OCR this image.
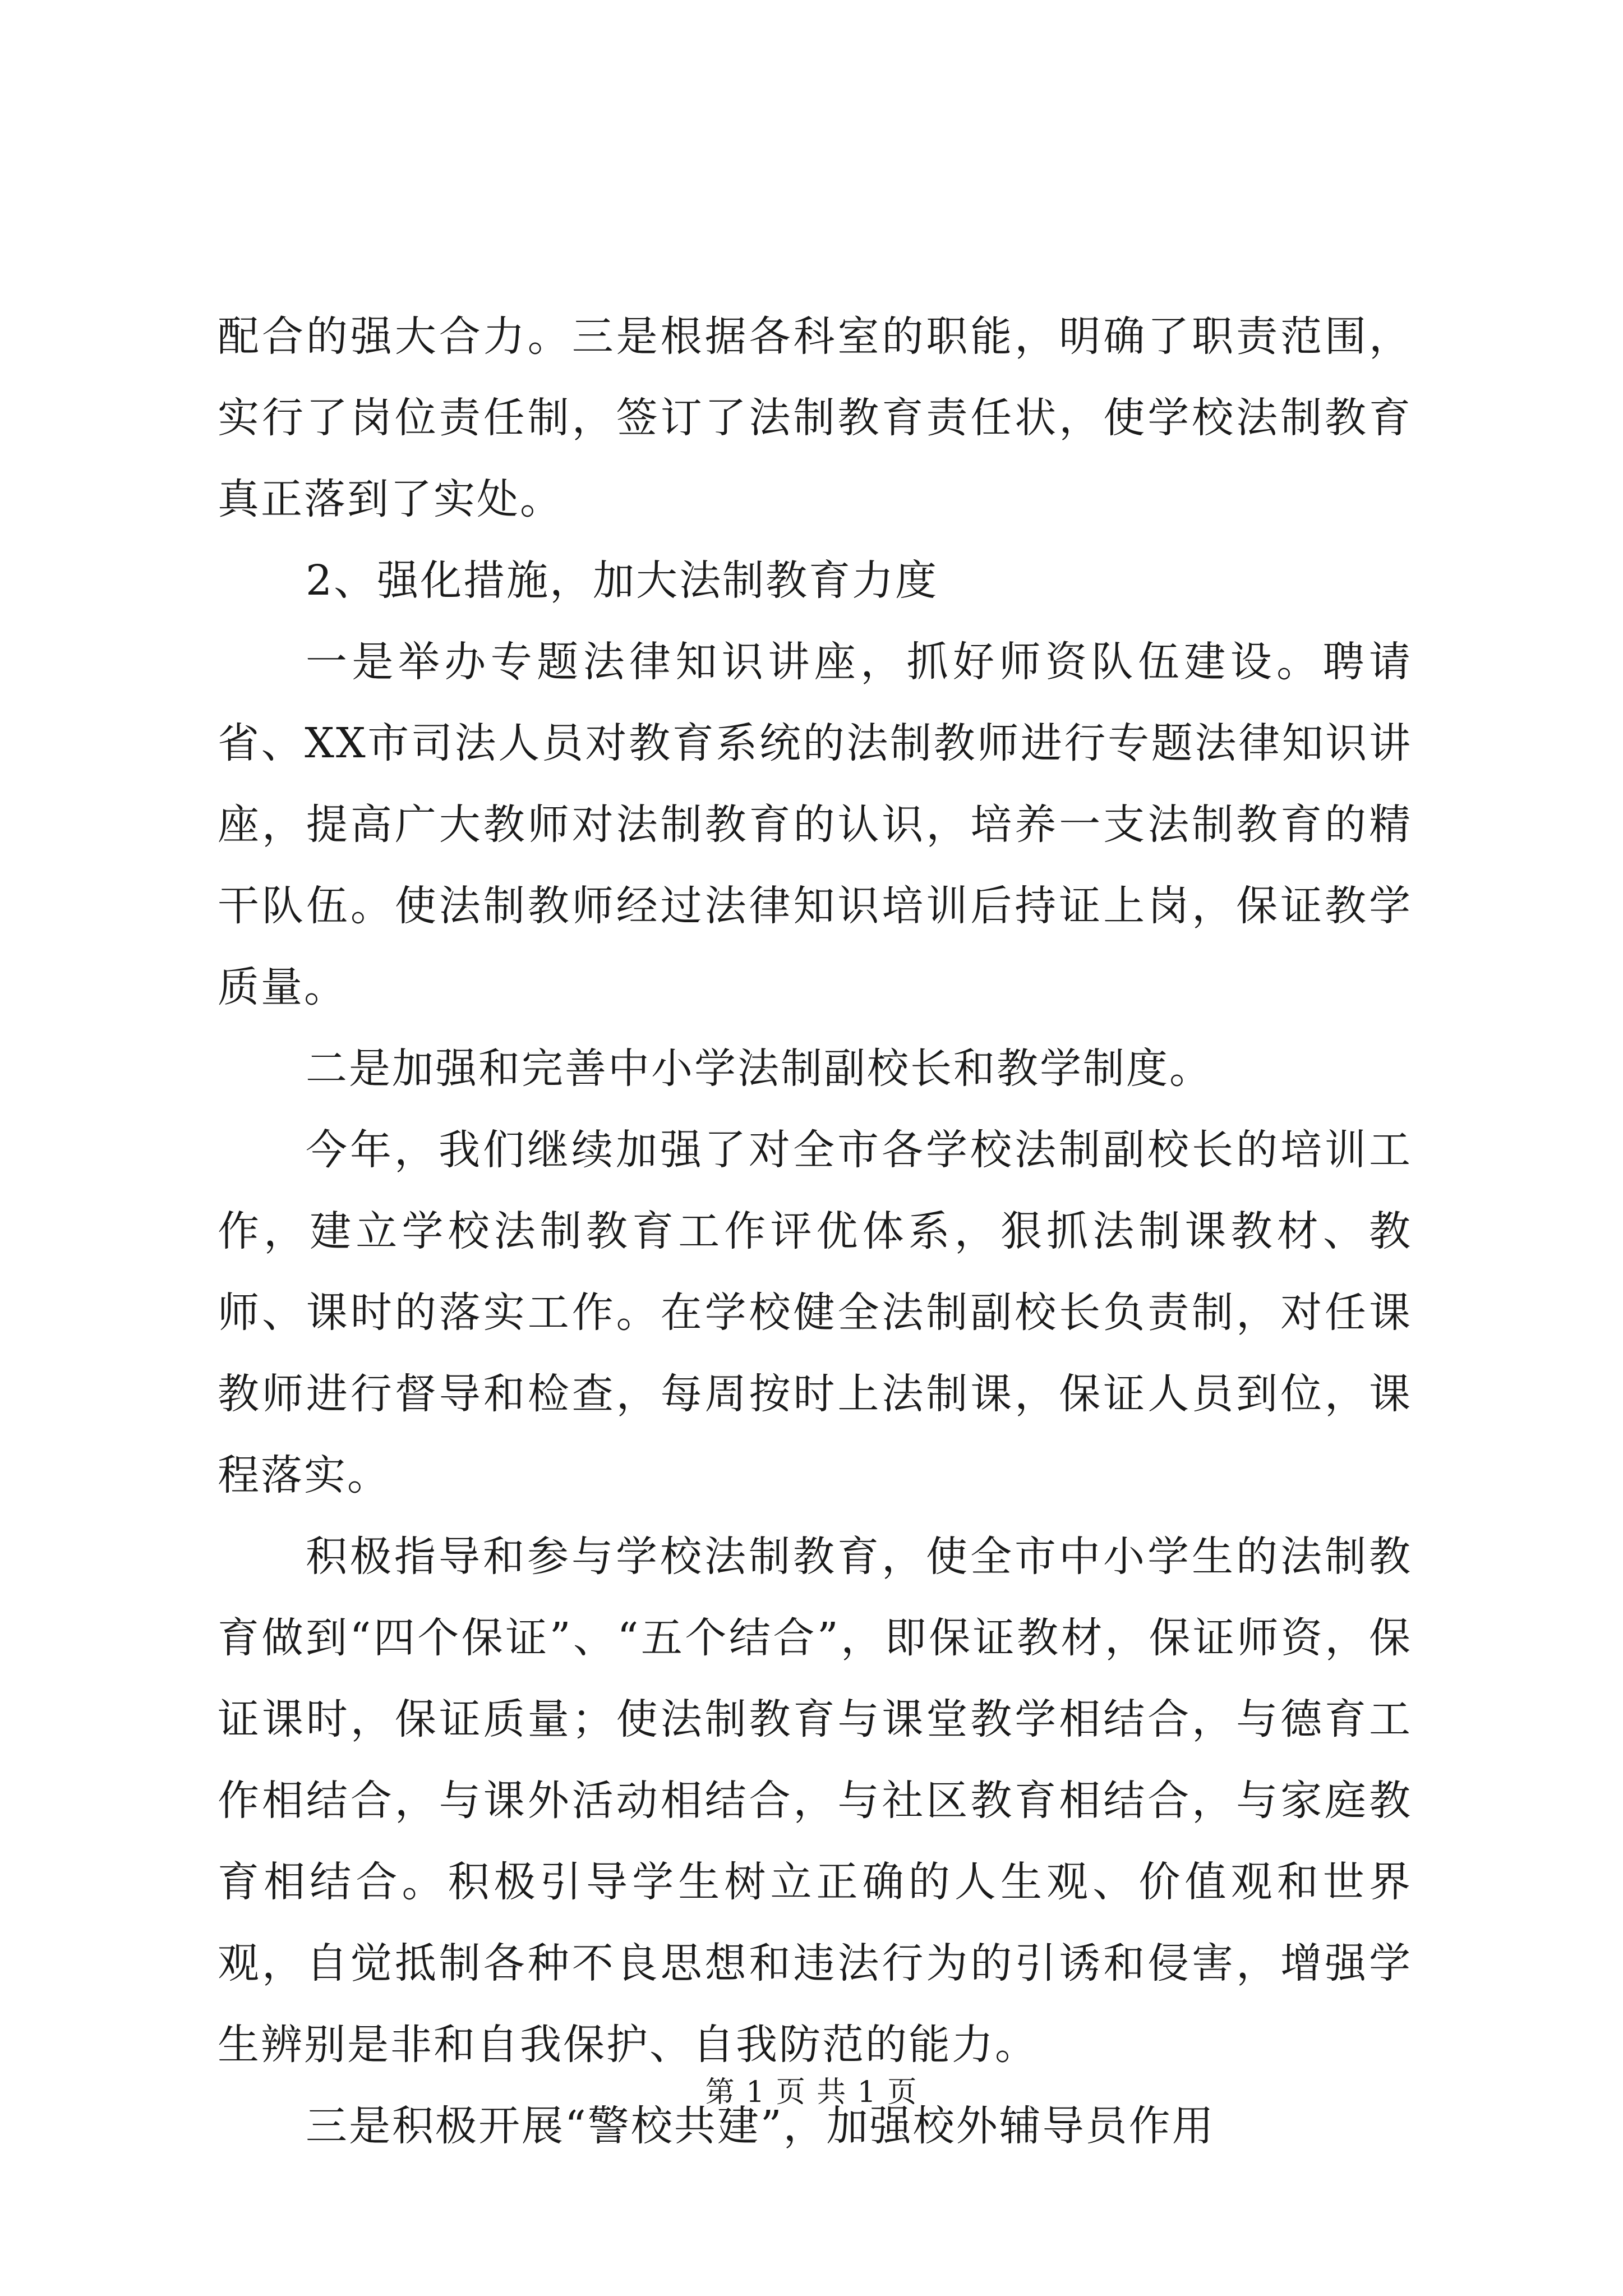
配合的强大合力。三是根据各科室的职能，明确了职责范围，实行了岗位责任制，签订了法制教育责任状，使学校法制教育真正落到了实处。

2、强化措施，加大法制教育力度

一是举办专题法律知识讲座，抓好师资队伍建设。聘请省、XX市司法人员对教育系统的法制教师进行专题法律知识讲座，提高广大教师对法制教育的认识，培养一支法制教育的精干队伍。使法制教师经过法律知识培训后持证上岗，保证教学质量。

二是加强和完善中小学法制副校长和教学制度。

今年，我们继续加强了对全市各学校法制副校长的培训工作，建立学校法制教育工作评优体系，狠抓法制课教材、教师、课时的落实工作。在学校健全法制副校长负责制，对任课教师进行督导和检查，每周按时上法制课，保证人员到位，课程落实。

积极指导和参与学校法制教育，使全市中小学生的法制教育做到“四个保证”、“五个结合”，即保证教材，保证师资，保证课时，保证质量；使法制教育与课堂教学相结合，与德育工作相结合，与课外活动相结合，与社区教育相结合，与家庭教育相结合。积极引导学生树立正确的人生观、价值观和世界观，自觉抵制各种不良思想和违法行为的引诱和侵害，增强学生辨别是非和自我保护、自我防范的能力。

三是积极开展“警校共建”，加强校外辅导员作用

第 1 页 共 1 页
